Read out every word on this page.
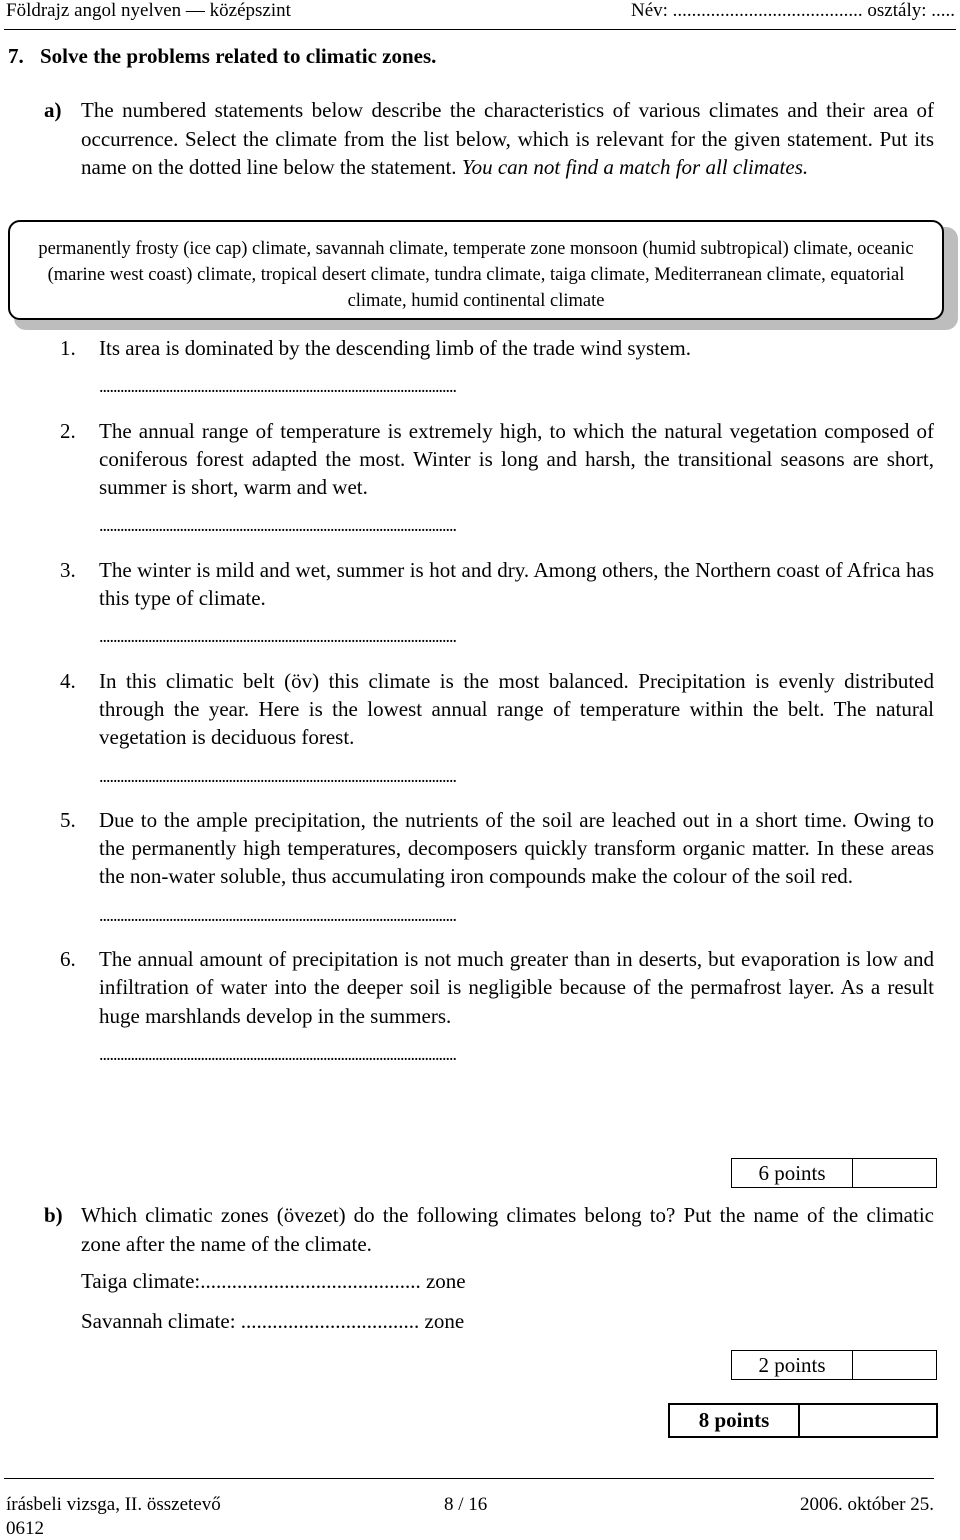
Földrajz angol nyelven — középszint	Név: ........................................ osztály: .....
7. Solve the problems related to climatic zones.
a) The numbered statements below describe the characteristics of various climates and their area of occurrence. Select the climate from the list below, which is relevant for the given statement. Put its name on the dotted line below the statement. You can not find a match for all climates.
permanently frosty (ice cap) climate, savannah climate, temperate zone monsoon (humid subtropical) climate, oceanic (marine west coast) climate, tropical desert climate, tundra climate, taiga climate, Mediterranean climate, equatorial climate, humid continental climate
1. Its area is dominated by the descending limb of the trade wind system.
......................................................................................................
2. The annual range of temperature is extremely high, to which the natural vegetation composed of coniferous forest adapted the most. Winter is long and harsh, the transitional seasons are short, summer is short, warm and wet.
......................................................................................................
3. The winter is mild and wet, summer is hot and dry. Among others, the Northern coast of Africa has this type of climate.
......................................................................................................
4. In this climatic belt (öv) this climate is the most balanced. Precipitation is evenly distributed through the year. Here is the lowest annual range of temperature within the belt. The natural vegetation is deciduous forest.
......................................................................................................
5. Due to the ample precipitation, the nutrients of the soil are leached out in a short time. Owing to the permanently high temperatures, decomposers quickly transform organic matter. In these areas the non-water soluble, thus accumulating iron compounds make the colour of the soil red.
......................................................................................................
6. The annual amount of precipitation is not much greater than in deserts, but evaporation is low and infiltration of water into the deeper soil is negligible because of the permafrost layer. As a result huge marshlands develop in the summers.
......................................................................................................
6 points
b) Which climatic zones (övezet) do the following climates belong to? Put the name of the climatic zone after the name of the climate.
Taiga climate:.......................................... zone
Savannah climate: .................................. zone
2 points
8 points
írásbeli vizsga, II. összetevő	8 / 16	2006. október 25.
0612
